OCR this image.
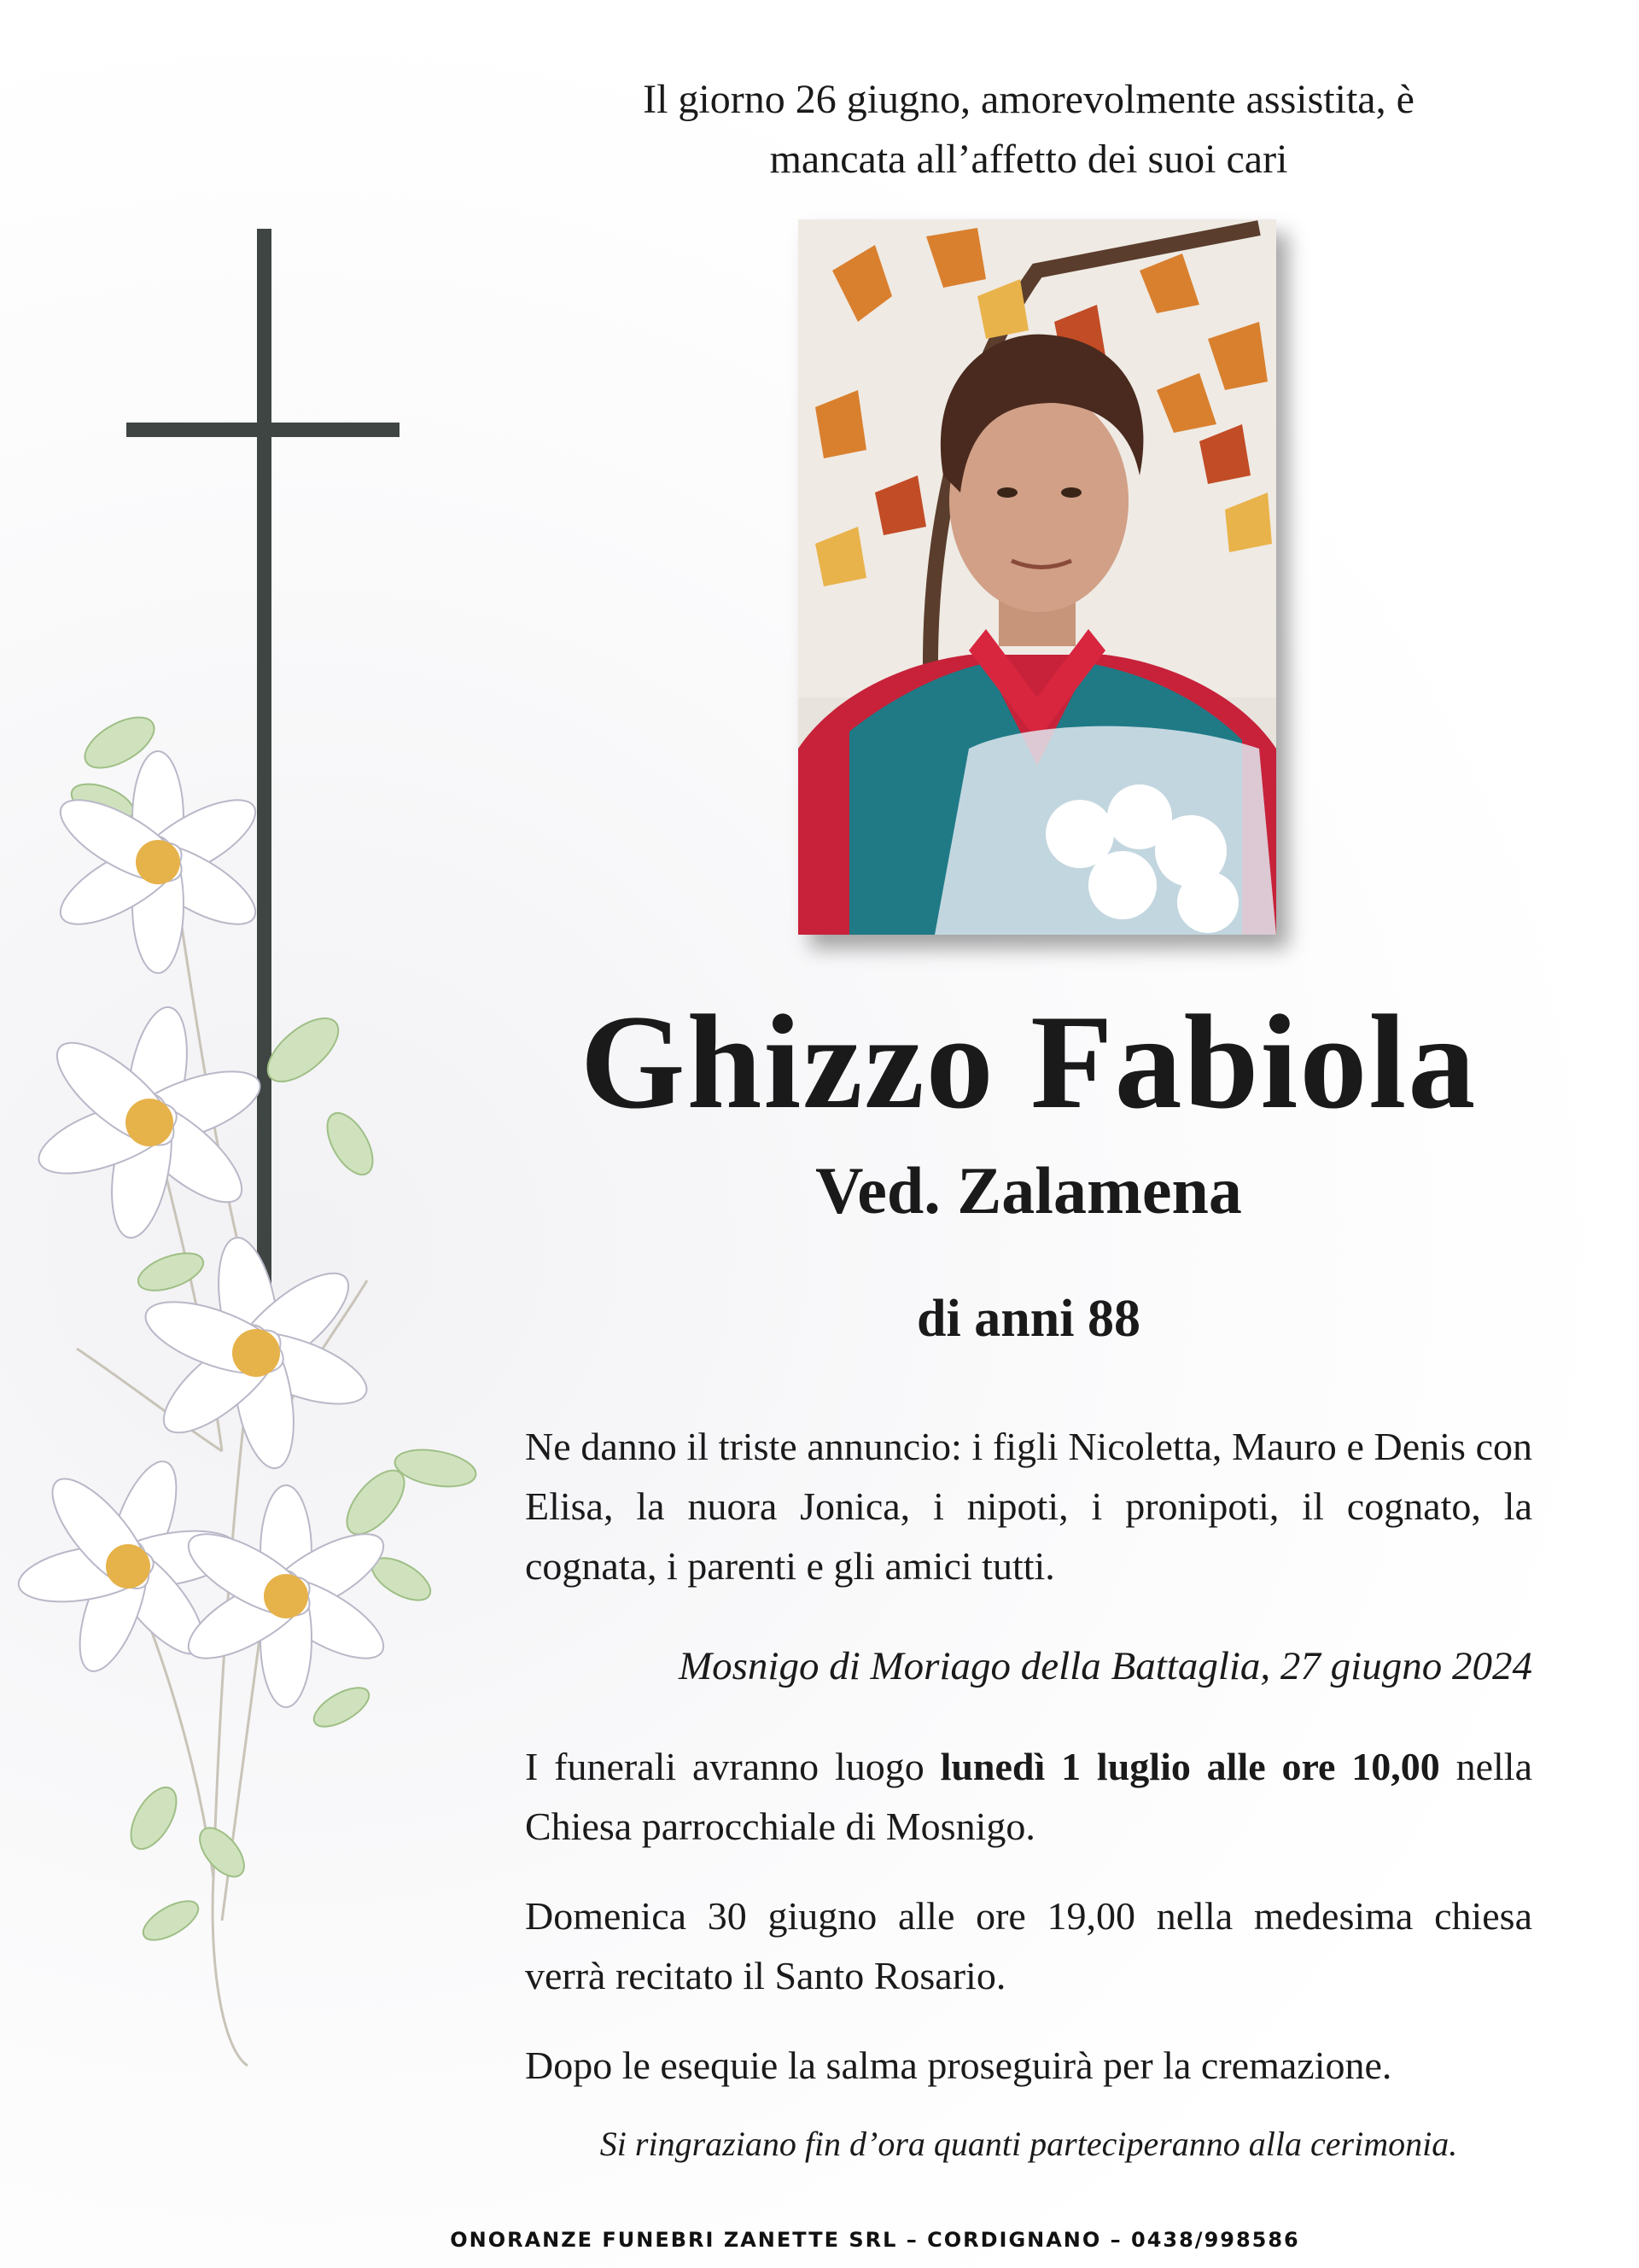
Il giorno 26 giugno, amorevolmente assistita, è
mancata all’affetto dei suoi cari
Ghizzo Fabiola
Ved. Zalamena
di anni 88
Ne danno il triste annuncio: i figli Nicoletta, Mauro e Denis con Elisa, la nuora Jonica, i nipoti, i pronipoti, il cognato, la cognata, i parenti e gli amici tutti.
Mosnigo di Moriago della Battaglia, 27 giugno 2024
I funerali avranno luogo lunedì 1 luglio alle ore 10,00 nella Chiesa parrocchiale di Mosnigo.
Domenica 30 giugno alle ore 19,00 nella medesima chiesa verrà recitato il Santo Rosario.
Dopo le esequie la salma proseguirà per la cremazione.
Si ringraziano fin d’ora quanti parteciperanno alla cerimonia.
ONORANZE FUNEBRI ZANETTE SRL – CORDIGNANO – 0438/998586
